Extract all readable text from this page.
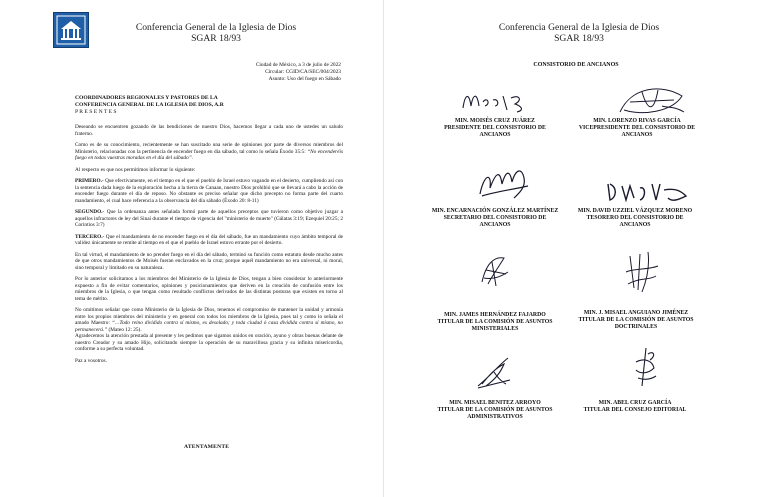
Conferencia General de la Iglesia de Dios
SGAR 18/93
Ciudad de México, a 3 de julio de 2022
Circular: CGID/CA/SEC/004/2023
Asunto: Uso del fuego en Sábado
COORDINADORES REGIONALES Y PASTORES DE LA
CONFERENCIA GENERAL DE LA IGLESIA DE DIOS, A.R
P R E S E N T E S

Deseando se encuentren gozando de las bendiciones de nuestro Dios, hacemos llegar a cada uno de ustedes un saludo fraterno.

Como es de su conocimiento, recientemente se han suscitado una serie de opiniones por parte de diversos miembros del Ministerio, relacionadas con la pertinencia de encender fuego en día sábado, tal como lo señala Éxodo 35:5: “No encenderéis fuego en todas vuestras moradas en el día del sábado”.

Al respecto es que nos permitimos informar lo siguiente:

PRIMERO.- Que efectivamente, en el tiempo en el que el pueblo de Israel estuvo vagando en el desierto, cumpliendo así con la sentencia dada luego de la exploración hecha a la tierra de Canaan, nuestro Dios prohibió que se llevará a cabo la acción de encender fuego durante el día de reposo. No obstante es preciso señalar que dicho precepto no forma parte del cuarto mandamiento, el cual hace referencia a la observancia del día sábado (Éxodo 20: 8-11)

SEGUNDO.- Que la ordenanza antes señalada formó parte de aquellos preceptos que tuvieron como objetivo juzgar a aquellos infractores de ley del Sinaí durante el tiempo de vigencia del "ministerio de muerte" (Gálatas 3:19; Ezequiel 20:25; 2 Corintios 3:7)

TERCERO.- Que el mandamiento de no encender fuego en el día del sábado, fue un mandamiento cuyo ámbito temporal de validez únicamente se remite al tiempo en el que el pueblo de Israel estuvo errante por el desierto.

En tal virtud, el mandamiento de no prender fuego en el día del sábado, terminó su función como estatuto desde mucho antes de que otros mandamientos de Moisés fueran enclavados en la cruz; porque aquél mandamiento no era universal, ni moral, sino temporal y limitado en su naturaleza.

Por lo anterior solicitamos a los miembros del Ministerio de la Iglesia de Dios, tengan a bien considerar lo anteriormente expuesto a fin de evitar comentarios, opiniones y posicionamientos que deriven en la creación de confusión entre los miembros de la Iglesia, o que tengan como resultado conflictos derivados de las distintas posturas que existen en torno al tema de mérito.

No omitimos señalar que como Ministerio de la Iglesia de Dios, tenemos el compromiso de mantener la unidad y armonía entre los propios miembros del ministerio y en general con todos los miembros de la Iglesia, pues tal y como lo señala el amado Maestro: “…Todo reino dividido contra sí mismo, es desolado; y toda ciudad ó casa dividida contra sí mismo, no permanecerá.” (Mateo 12: 25).

Agradecemos la atención prestada al presente y les pedimos que sigamos unidos en oración, ayuno y obras buenas delante de nuestro Creador y su amado Hijo, solicitando siempre la operación de su maravillosa gracia y su infinita misericordia, conforme a su perfecta voluntad.

Paz a vosotros.

ATENTAMENTE
Conferencia General de la Iglesia de Dios
SGAR 18/93
CONSISTORIO DE ANCIANOS
MIN. MOISÉS CRUZ JUÁREZ
PRESIDENTE DEL CONSISTORIO DE ANCIANOS
MIN. LORENZO RIVAS GARCÍA
VICEPRESIDENTE DEL CONSISTORIO DE ANCIANOS
MIN. ENCARNACIÓN GONZÁLEZ MARTÍNEZ
SECRETARIO DEL CONSISTORIO DE ANCIANOS
MIN. DAVID UZZIEL VÁZQUEZ MORENO
TESORERO DEL CONSISTORIO DE ANCIANOS
MIN. JAMES HERNÁNDEZ FAJARDO
TITULAR DE LA COMISIÓN DE ASUNTOS MINISTERIALES
MIN. J. MISAEL ANGUIANO JIMÉNEZ
TITULAR DE LA COMISIÓN DE ASUNTOS DOCTRINALES
MIN. MISAEL BENITEZ ARROYO
TITULAR DE LA COMISIÓN DE ASUNTOS ADMINISTRATIVOS
MIN. ABEL CRUZ GARCÍA
TITULAR DEL CONSEJO EDITORIAL
